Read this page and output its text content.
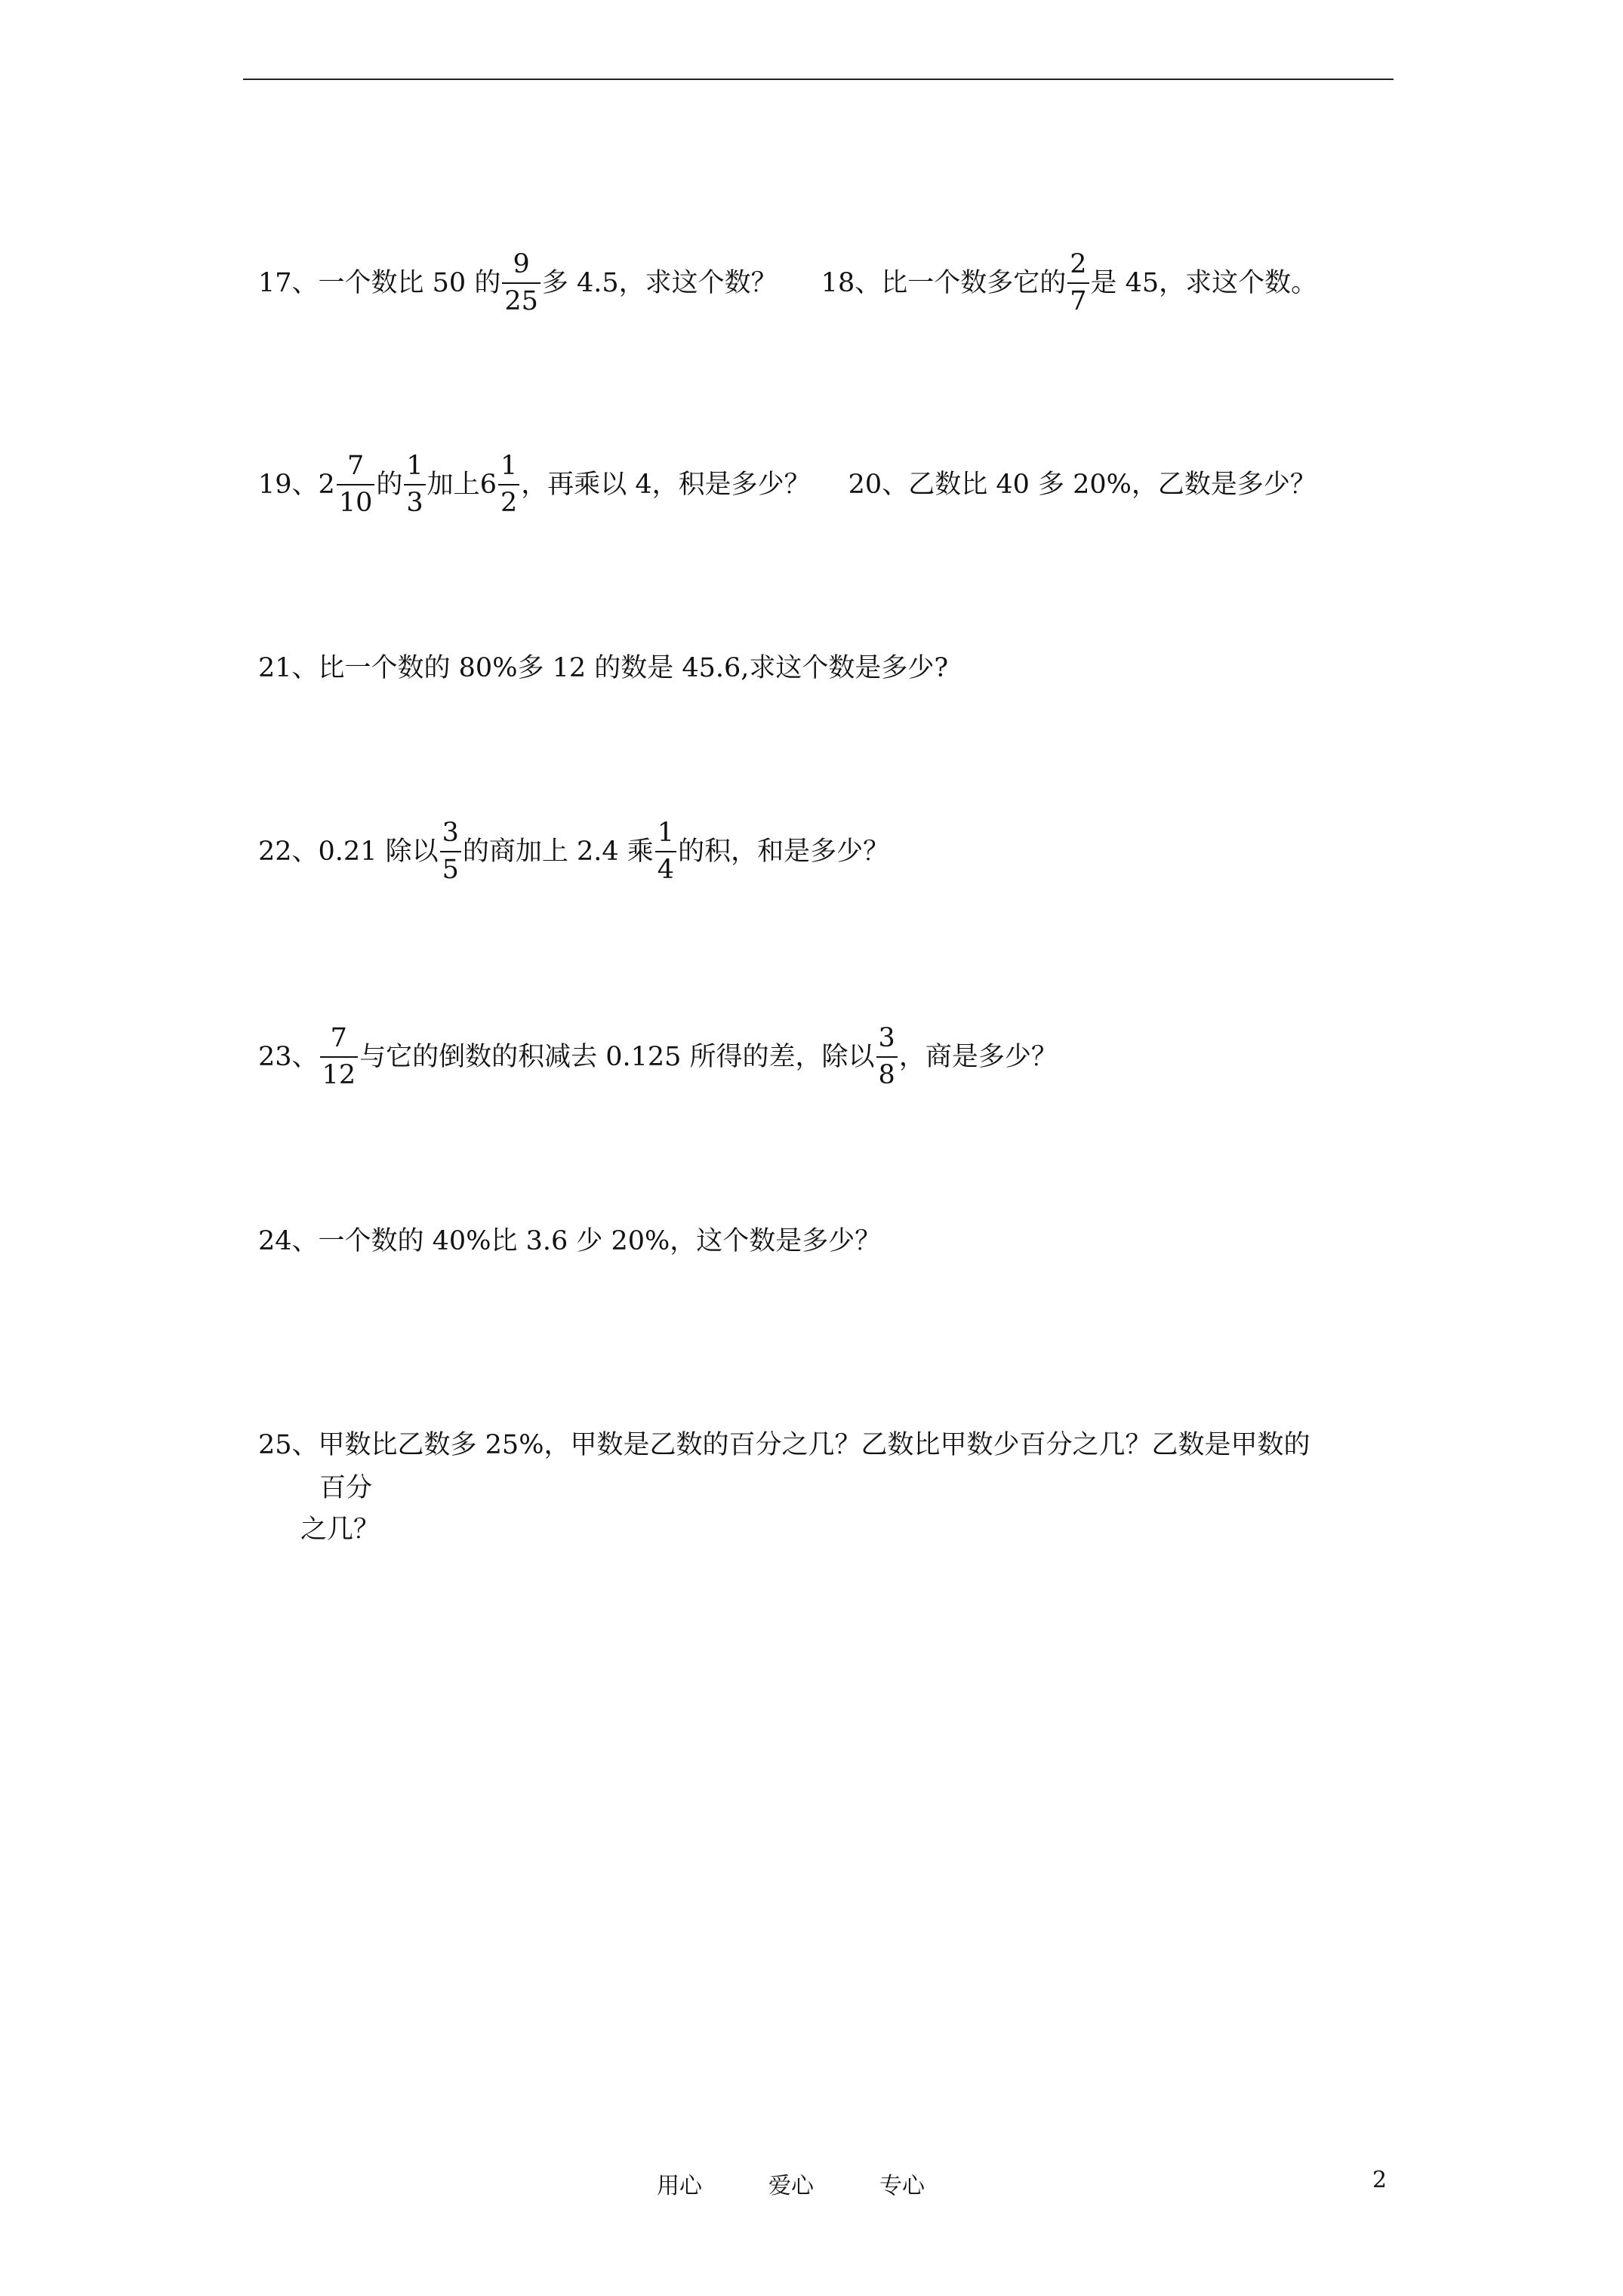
17、一个数比 50 的 $\frac{9}{25}$ 多 4.5，求这个数？ 18、比一个数多它的 $\frac{2}{7}$ 是 45，求这个数。
19、 $2 \frac{7}{10}$ 的 $\frac{1}{3}$ 加上 $6 \frac{1}{2}$ ，再乘以 4，积是多少？ 20、乙数比 40 多 20%，乙数是多少？
21、比一个数的 80%多 12 的数是 45.6,求这个数是多少?
22、0.21 除以 $\frac{3}{5}$ 的商加上 2.4 乘 $\frac{1}{4}$ 的积，和是多少？
23、 $\frac{7}{12}$ 与它的倒数的积减去 0.125 所得的差，除以 $\frac{3}{8}$ ，商是多少？
24、一个数的 40%比 3.6 少 20%，这个数是多少？
25、甲数比乙数多 25%，甲数是乙数的百分之几？乙数比甲数少百分之几？乙数是甲数的
百分
之几？
用心	爱心	专心	2
